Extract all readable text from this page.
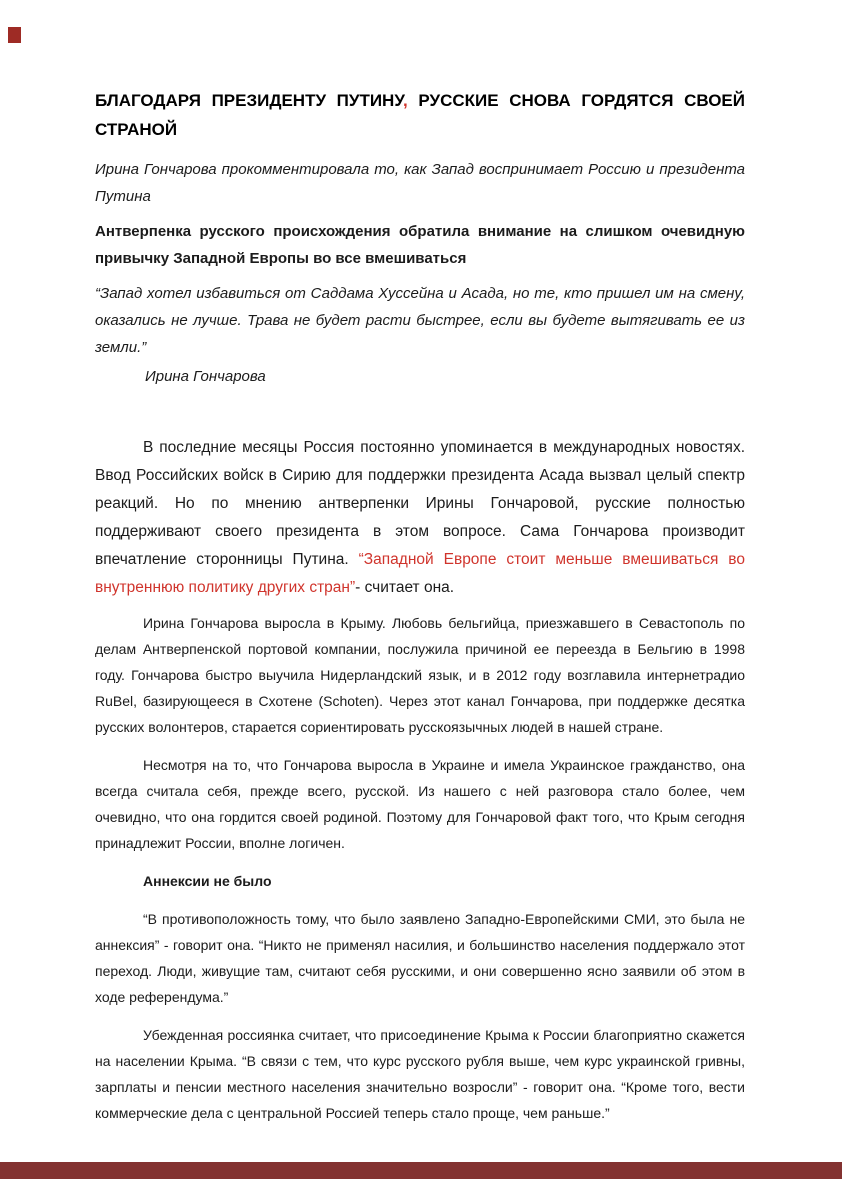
БЛАГОДАРЯ ПРЕЗИДЕНТУ ПУТИНУ, РУССКИЕ СНОВА ГОРДЯТСЯ СВОЕЙ СТРАНОЙ

Ирина Гончарова прокомментировала то, как Запад воспринимает Россию и президента Путина

Антверпенка русского происхождения обратила внимание на слишком очевидную привычку Западной Европы во все вмешиваться

“Запад хотел избавиться от Саддама Хуссейна и Асада, но те, кто пришел им на смену, оказались не лучше. Трава не будет расти быстрее, если вы будете вытягивать ее из земли.”

Ирина Гончарова

В последние месяцы Россия постоянно упоминается в международных новостях. Ввод Российских войск в Сирию для поддержки президента Асада вызвал целый спектр реакций. Но по мнению антверпенки Ирины Гончаровой, русские полностью поддерживают своего президента в этом вопросе. Сама Гончарова производит впечатление сторонницы Путина. “Западной Европе стоит меньше вмешиваться во внутреннюю политику других стран”- считает она.

Ирина Гончарова выросла в Крыму. Любовь бельгийца, приезжавшего в Севастополь по делам Антверпенской портовой компании, послужила причиной ее переезда в Бельгию в 1998 году. Гончарова быстро выучила Нидерландский язык, и в 2012 году возглавила интернетрадио RuBel, базирующееся в Схотене (Schoten). Через этот канал Гончарова, при поддержке десятка русских волонтеров, старается сориентировать русскоязычных людей в нашей стране.

Несмотря на то, что Гончарова выросла в Украине и имела Украинское гражданство, она всегда считала себя, прежде всего, русской. Из нашего с ней разговора стало более, чем очевидно, что она гордится своей родиной. Поэтому для Гончаровой факт того, что Крым сегодня принадлежит России, вполне логичен.

Аннексии не было

“В противоположность тому, что было заявлено Западно-Европейскими СМИ, это была не аннексия” - говорит она. “Никто не применял насилия, и большинство населения поддержало этот переход. Люди, живущие там, считают себя русскими, и они совершенно ясно заявили об этом в ходе референдума.”

Убежденная россиянка считает, что присоединение Крыма к России благоприятно скажется на населении Крыма. “В связи с тем, что курс русского рубля выше, чем курс украинской гривны, зарплаты и пенсии местного населения значительно возросли” - говорит она. “Кроме того, вести коммерческие дела с центральной Россией теперь стало проще, чем раньше.”
